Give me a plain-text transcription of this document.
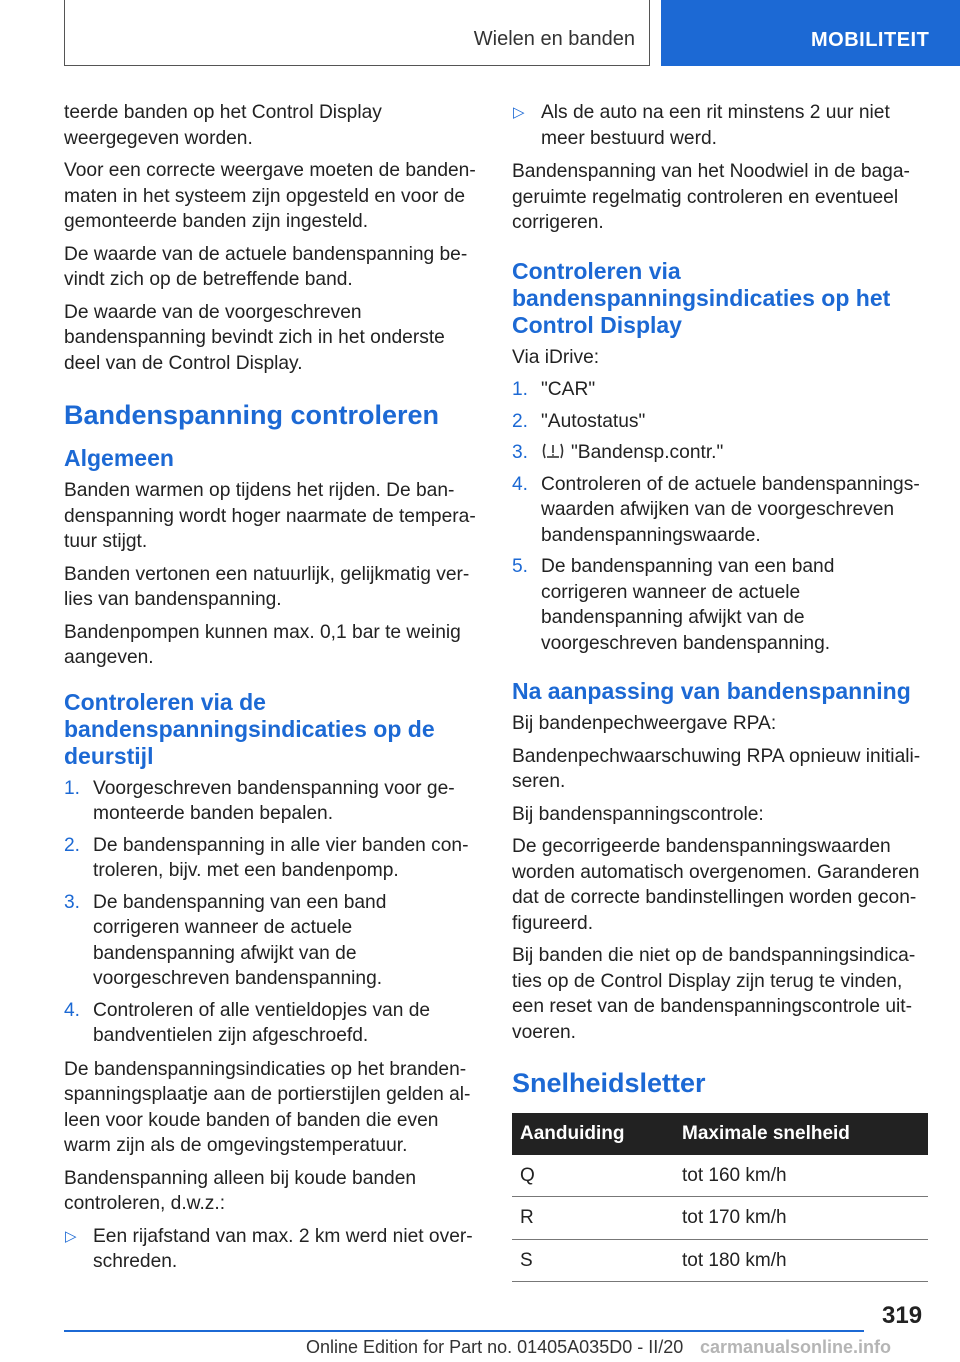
Wielen en banden	MOBILITEIT

teerde banden op het Control Display weergegeven worden.

Voor een correcte weergave moeten de bandenmaten in het systeem zijn opgesteld en voor de gemonteerde banden zijn ingesteld.

De waarde van de actuele bandenspanning bevindt zich op de betreffende band.

De waarde van de voorgeschreven bandenspanning bevindt zich in het onderste deel van de Control Display.

Bandenspanning controleren
Algemeen

Banden warmen op tijdens het rijden. De bandenspanning wordt hoger naarmate de temperatuur stijgt.

Banden vertonen een natuurlijk, gelijkmatig verlies van bandenspanning.

Bandenpompen kunnen max. 0,1 bar te weinig aangeven.

Controleren via de bandenspanningsindicaties op de deurstijl
1. Voorgeschreven bandenspanning voor gemonteerde banden bepalen.
2. De bandenspanning in alle vier banden controleren, bijv. met een bandenpomp.
3. De bandenspanning van een band corrigeren wanneer de actuele bandenspanning afwijkt van de voorgeschreven bandenspanning.
4. Controleren of alle ventieldopjes van de bandventielen zijn afgeschroefd.

De bandenspanningsindicaties op het brandenspanningsplaatje aan de portierstijlen gelden alleen voor koude banden of banden die even warm zijn als de omgevingstemperatuur.

Bandenspanning alleen bij koude banden controleren, d.w.z.:

▷ Een rijafstand van max. 2 km werd niet overschreden.
▷ Als de auto na een rit minstens 2 uur niet meer bestuurd werd.

Bandenspanning van het Noodwiel in de bagageruimte regelmatig controleren en eventueel corrigeren.

Controleren via bandenspanningsindicaties op het Control Display

Via iDrive:

1. "CAR"
2. "Autostatus"
3. "Bandensp.contr."
4. Controleren of de actuele bandenspanningswaarden afwijken van de voorgeschreven bandenspanningswaarde.
5. De bandenspanning van een band corrigeren wanneer de actuele bandenspanning afwijkt van de voorgeschreven bandenspanning.
Na aanpassing van bandenspanning

Bij bandenpechweergave RPA:

Bandenpechwaarschuwing RPA opnieuw initialiseren.

Bij bandenspanningscontrole:

De gecorrigeerde bandenspanningswaarden worden automatisch overgenomen. Garanderen dat de correcte bandinstellingen worden geconfigureerd.

Bij banden die niet op de bandspanningsindicaties op de Control Display zijn terug te vinden, een reset van de bandenspanningscontrole uitvoeren.

Snelheidsletter
Aanduiding	Maximale snelheid
Q	tot 160 km/h
R	tot 170 km/h
S	tot 180 km/h
319
Online Edition for Part no. 01405A035D0 - II/20 carmanualsonline.info
